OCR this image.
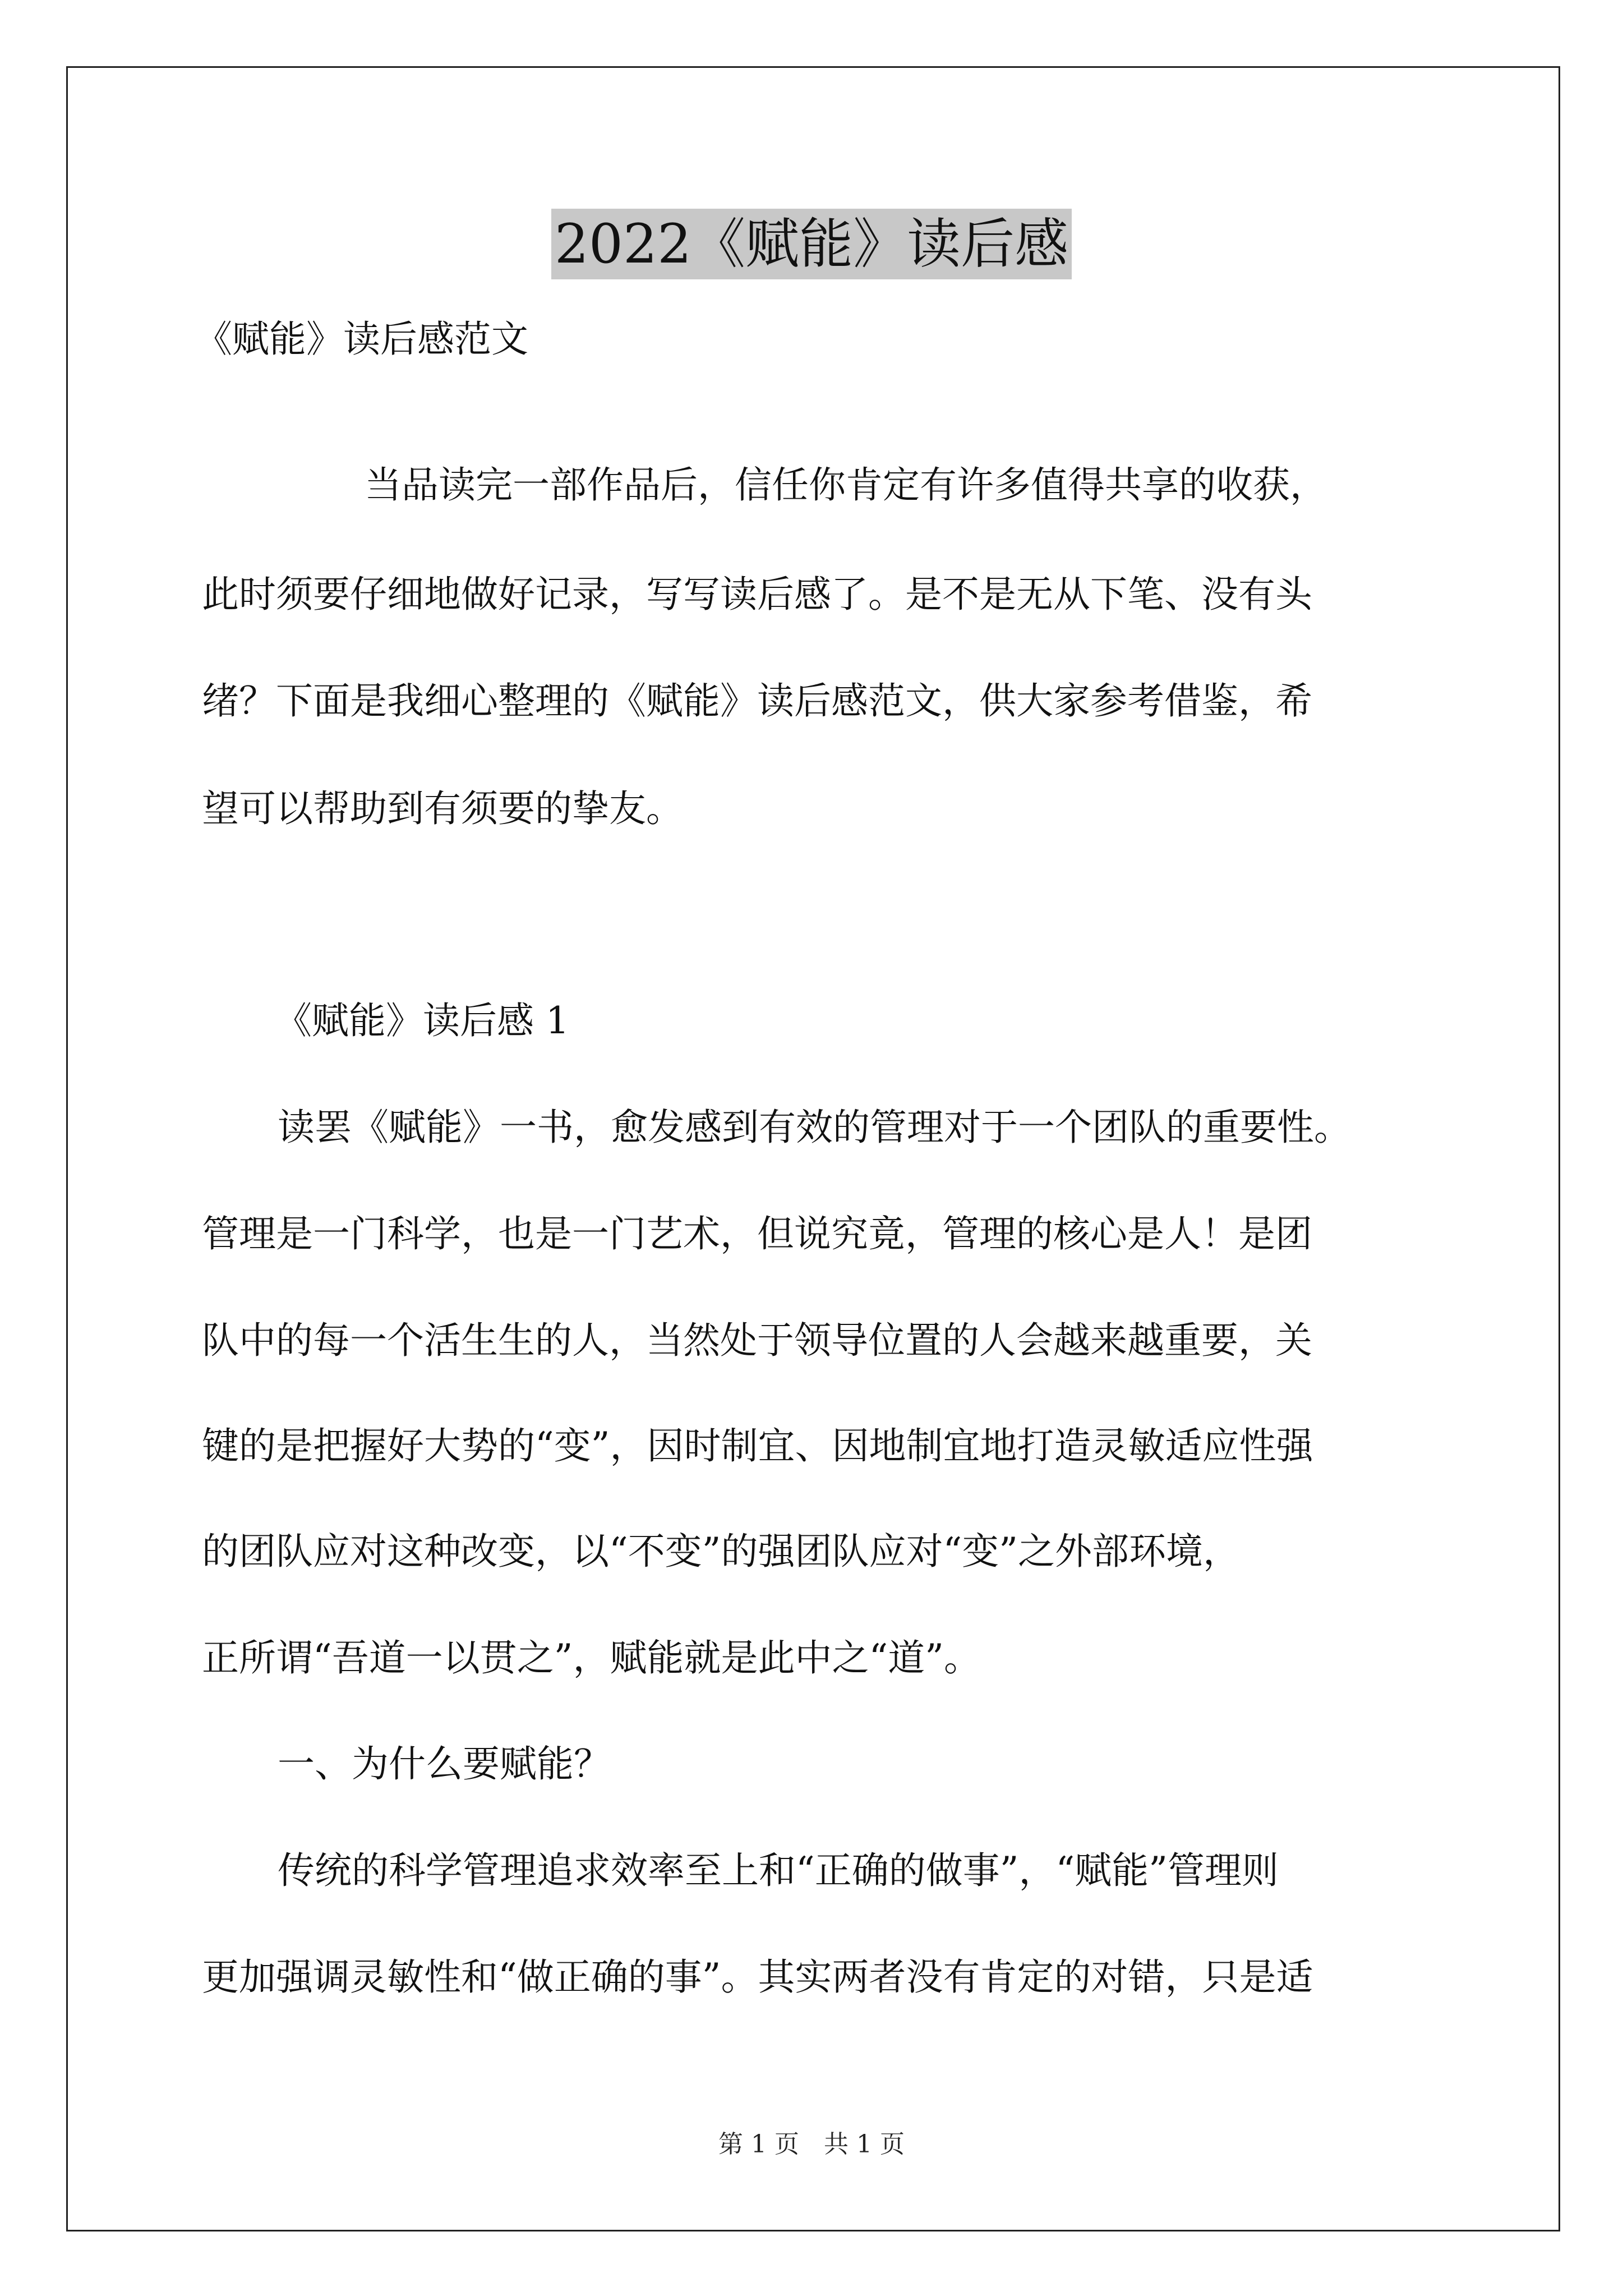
2022《赋能》读后感

《赋能》读后感范文

当品读完一部作品后，信任你肯定有许多值得共享的收获，

此时须要仔细地做好记录，写写读后感了。是不是无从下笔、没有头

绪？下面是我细心整理的《赋能》读后感范文，供大家参考借鉴，希

望可以帮助到有须要的挚友。

《赋能》读后感 1

读罢《赋能》一书，愈发感到有效的管理对于一个团队的重要性。

管理是一门科学，也是一门艺术，但说究竟，管理的核心是人！是团

队中的每一个活生生的人，当然处于领导位置的人会越来越重要，关

键的是把握好大势的“变”，因时制宜、因地制宜地打造灵敏适应性强

的团队应对这种改变，以“不变”的强团队应对“变”之外部环境，

正所谓“吾道一以贯之”，赋能就是此中之“道”。

一、为什么要赋能？

传统的科学管理追求效率至上和“正确的做事”，“赋能”管理则

更加强调灵敏性和“做正确的事”。其实两者没有肯定的对错，只是适

第 1 页 共 1 页
